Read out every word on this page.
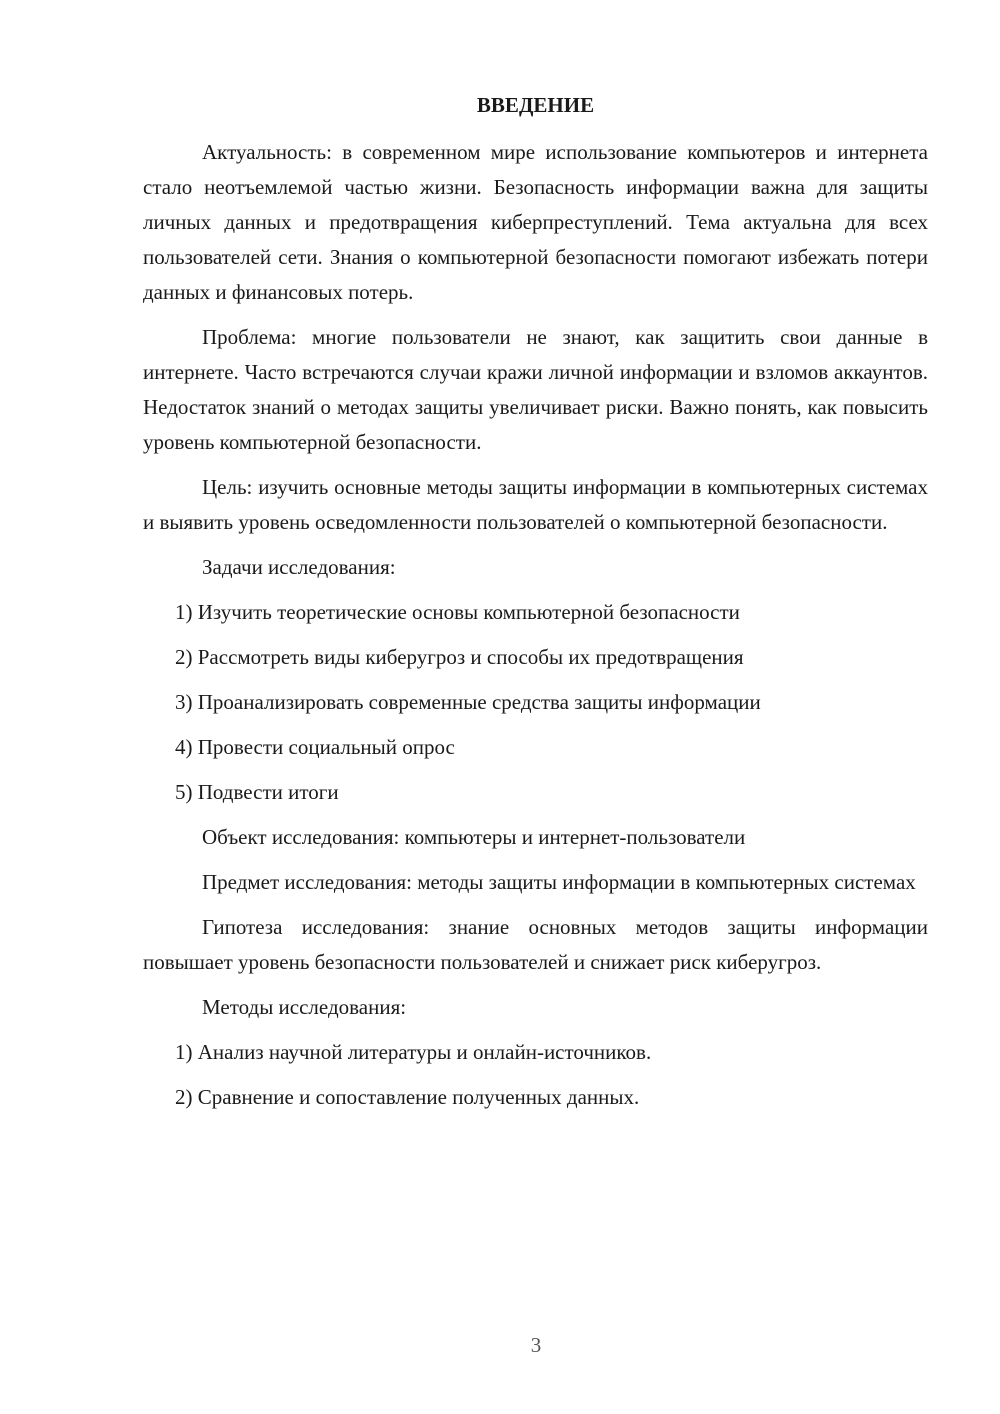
ВВЕДЕНИЕ

Актуальность: в современном мире использование компьютеров и интернета стало неотъемлемой частью жизни. Безопасность информации важна для защиты личных данных и предотвращения киберпреступлений. Тема актуальна для всех пользователей сети. Знания о компьютерной безопасности помогают избежать потери данных и финансовых потерь.

Проблема: многие пользователи не знают, как защитить свои данные в интернете. Часто встречаются случаи кражи личной информации и взломов аккаунтов. Недостаток знаний о методах защиты увеличивает риски. Важно понять, как повысить уровень компьютерной безопасности.

Цель: изучить основные методы защиты информации в компьютерных системах и выявить уровень осведомленности пользователей о компьютерной безопасности.

Задачи исследования:

1) Изучить теоретические основы компьютерной безопасности
2) Рассмотреть виды киберугроз и способы их предотвращения
3) Проанализировать современные средства защиты информации
4) Провести социальный опрос
5) Подвести итоги

Объект исследования: компьютеры и интернет-пользователи

Предмет исследования: методы защиты информации в компьютерных системах

Гипотеза исследования: знание основных методов защиты информации повышает уровень безопасности пользователей и снижает риск киберугроз.

Методы исследования:

1) Анализ научной литературы и онлайн-источников.
2) Сравнение и сопоставление полученных данных.
3
